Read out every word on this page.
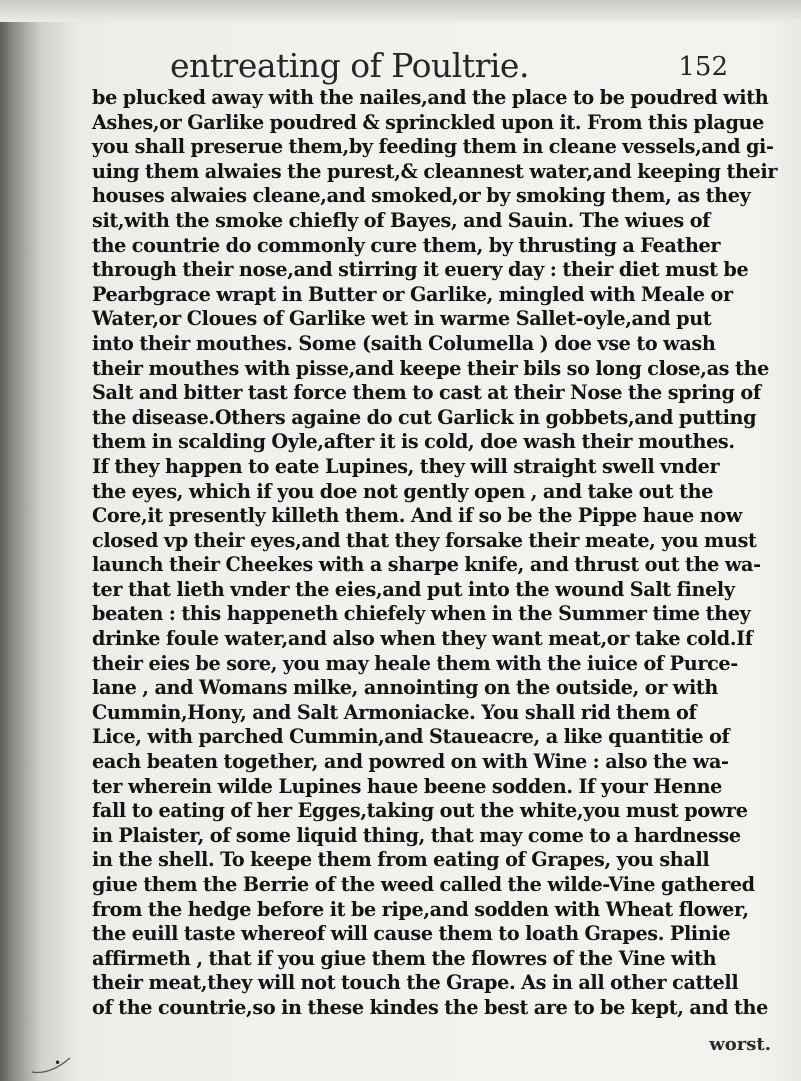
entreating of Poultrie.	152
be plucked away with the nailes,and the place to be poudred with
Ashes,or Garlike poudred & sprinckled upon it. From this plague
you shall preserue them,by feeding them in cleane vessels,and gi-
uing them alwaies the purest,& cleannest water,and keeping their
houses alwaies cleane,and smoked,or by smoking them, as they
sit,with the smoke chiefly of Bayes, and Sauin. The wiues of
the countrie do commonly cure them, by thrusting a Feather
through their nose,and stirring it euery day : their diet must be
Pearbgrace wrapt in Butter or Garlike, mingled with Meale or
Water,or Cloues of Garlike wet in warme Sallet-oyle,and put
into their mouthes. Some (saith Columella ) doe vse to wash
their mouthes with pisse,and keepe their bils so long close,as the
Salt and bitter tast force them to cast at their Nose the spring of
the disease.Others againe do cut Garlick in gobbets,and putting
them in scalding Oyle,after it is cold, doe wash their mouthes.
If they happen to eate Lupines, they will straight swell vnder
the eyes, which if you doe not gently open , and take out the
Core,it presently killeth them. And if so be the Pippe haue now
closed vp their eyes,and that they forsake their meate, you must
launch their Cheekes with a sharpe knife, and thrust out the wa-
ter that lieth vnder the eies,and put into the wound Salt finely
beaten : this happeneth chiefely when in the Summer time they
drinke foule water,and also when they want meat,or take cold.If
their eies be sore, you may heale them with the iuice of Purce-
lane , and Womans milke, annointing on the outside, or with
Cummin,Hony, and Salt Armoniacke. You shall rid them of
Lice, with parched Cummin,and Staueacre, a like quantitie of
each beaten together, and powred on with Wine : also the wa-
ter wherein wilde Lupines haue beene sodden. If your Henne
fall to eating of her Egges,taking out the white,you must powre
in Plaister, of some liquid thing, that may come to a hardnesse
in the shell. To keepe them from eating of Grapes, you shall
giue them the Berrie of the weed called the wilde-Vine gathered
from the hedge before it be ripe,and sodden with Wheat flower,
the euill taste whereof will cause them to loath Grapes. Plinie
affirmeth , that if you giue them the flowres of the Vine with
their meat,they will not touch the Grape. As in all other cattell
of the countrie,so in these kindes the best are to be kept, and the
worst.
•
